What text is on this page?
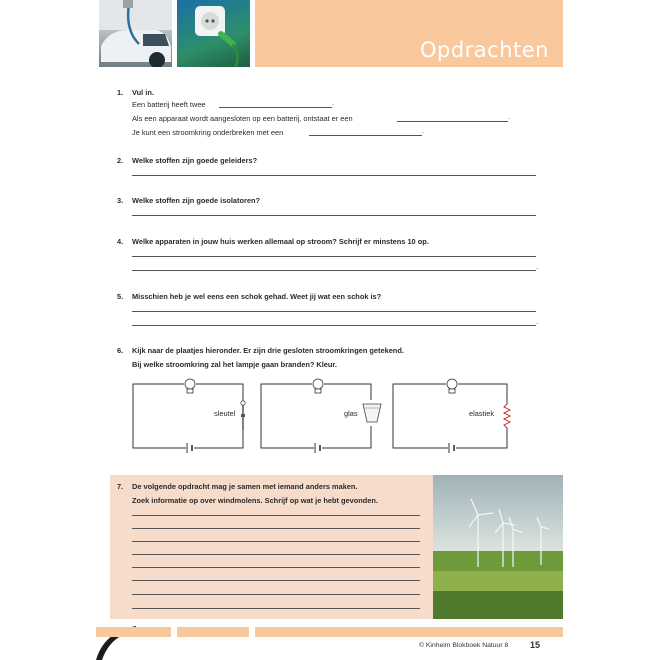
Opdrachten
1. Vul in.
Een batterij heeft twee	.
Als een apparaat wordt aangesloten op een batterij, ontstaat er een	.
Je kunt een stroomkring onderbreken met een	.
2. Welke stoffen zijn goede geleiders?
3. Welke stoffen zijn goede isolatoren?
4. Welke apparaten in jouw huis werken allemaal op stroom? Schrijf er minstens 10 op.
.
5. Misschien heb je wel eens een schok gehad. Weet jij wat een schok is?
.
6. Kijk naar de plaatjes hieronder. Er zijn drie gesloten stroomkringen getekend.
Bij welke stroomkring zal het lampje gaan branden? Kleur.
sleutel	glas	elastiek
7. De volgende opdracht mag je samen met iemand anders maken.
Zoek informatie op over windmolens. Schrijf op wat je hebt gevonden.
© Kinheim Blokboek Natuur 8 15
